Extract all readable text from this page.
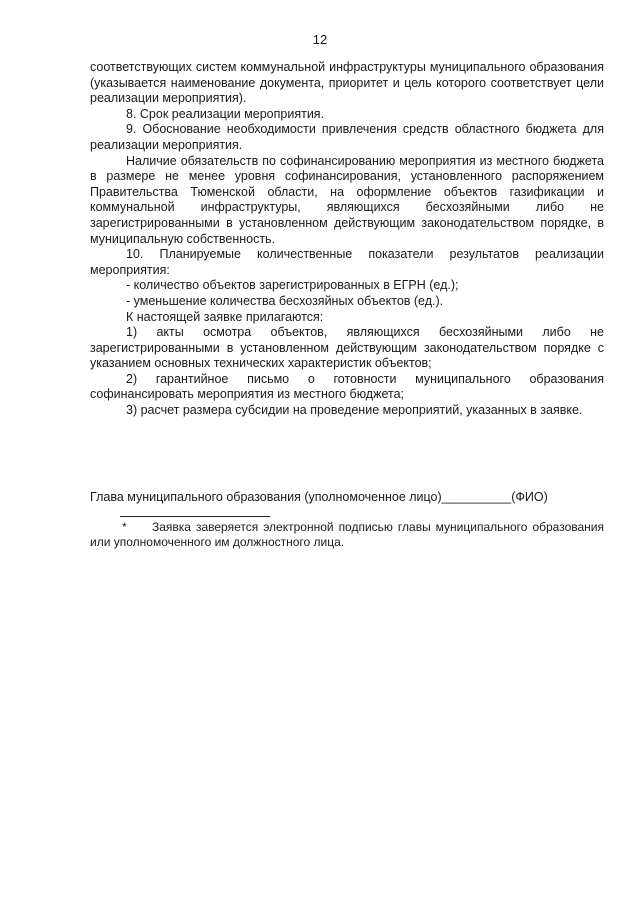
12

соответствующих систем коммунальной инфраструктуры муниципального образования (указывается наименование документа, приоритет и цель которого соответствует цели реализации мероприятия).

8. Срок реализации мероприятия.

9. Обоснование необходимости привлечения средств областного бюджета для реализации мероприятия.

Наличие обязательств по софинансированию мероприятия из местного бюджета в размере не менее уровня софинансирования, установленного распоряжением Правительства Тюменской области, на оформление объектов газификации и коммунальной инфраструктуры, являющихся бесхозяйными либо не зарегистрированными в установленном действующим законодательством порядке, в муниципальную собственность.

10. Планируемые количественные показатели результатов реализации мероприятия:

- количество объектов зарегистрированных в ЕГРН (ед.);

- уменьшение количества бесхозяйных объектов (ед.).

К настоящей заявке прилагаются:

1) акты осмотра объектов, являющихся бесхозяйными либо не зарегистрированными в установленном действующим законодательством порядке с указанием основных технических характеристик объектов;

2) гарантийное письмо о готовности муниципального образования софинансировать мероприятия из местного бюджета;

3) расчет размера субсидии на проведение мероприятий, указанных в заявке.

Глава муниципального образования (уполномоченное лицо)__________(ФИО)
* Заявка заверяется электронной подписью главы муниципального образования или уполномоченного им должностного лица.
